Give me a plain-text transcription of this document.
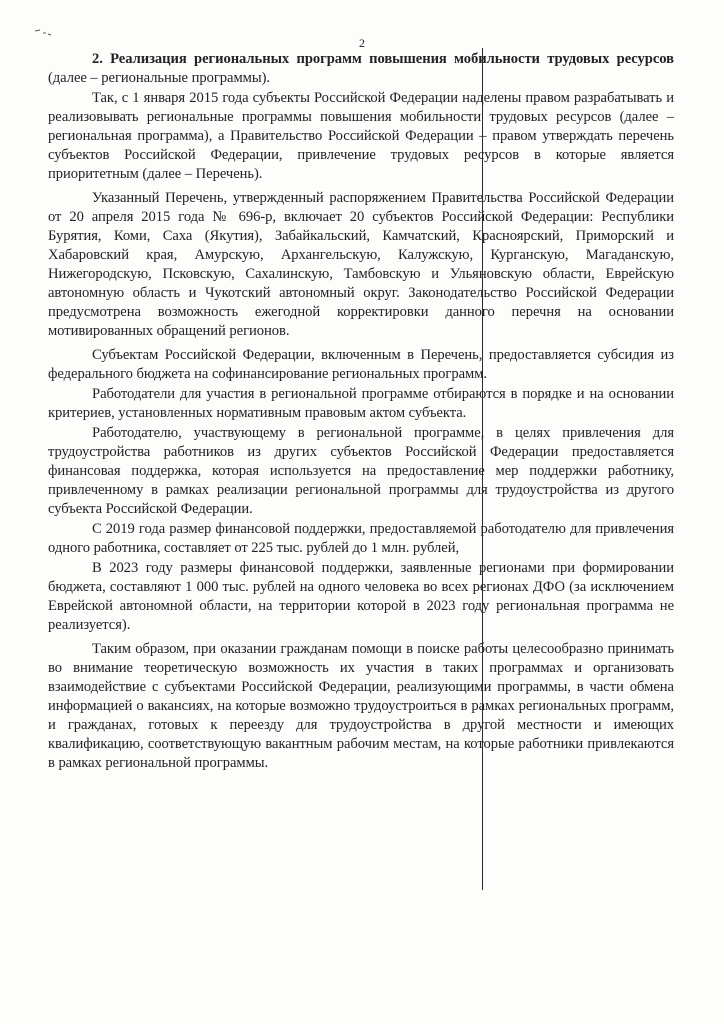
2

2. Реализация региональных программ повышения мобильности трудовых ресурсов (далее – региональные программы).

Так, с 1 января 2015 года субъекты Российской Федерации наделены правом разрабатывать и реализовывать региональные программы повышения мобильности трудовых ресурсов (далее – региональная программа), а Правительство Российской Федерации – правом утверждать перечень субъектов Российской Федерации, привлечение трудовых ресурсов в которые является приоритетным (далее – Перечень).

Указанный Перечень, утвержденный распоряжением Правительства Российской Федерации от 20 апреля 2015 года № 696-р, включает 20 субъектов Российской Федерации: Республики Бурятия, Коми, Саха (Якутия), Забайкальский, Камчатский, Красноярский, Приморский и Хабаровский края, Амурскую, Архангельскую, Калужскую, Курганскую, Магаданскую, Нижегородскую, Псковскую, Сахалинскую, Тамбовскую и Ульяновскую области, Еврейскую автономную область и Чукотский автономный округ. Законодательство Российской Федерации предусмотрена возможность ежегодной корректировки данного перечня на основании мотивированных обращений регионов.

Субъектам Российской Федерации, включенным в Перечень, предоставляется субсидия из федерального бюджета на софинансирование региональных программ.

Работодатели для участия в региональной программе отбираются в порядке и на основании критериев, установленных нормативным правовым актом субъекта.

Работодателю, участвующему в региональной программе, в целях привлечения для трудоустройства работников из других субъектов Российской Федерации предоставляется финансовая поддержка, которая используется на предоставление мер поддержки работнику, привлеченному в рамках реализации региональной программы для трудоустройства из другого субъекта Российской Федерации.

С 2019 года размер финансовой поддержки, предоставляемой работодателю для привлечения одного работника, составляет от 225 тыс. рублей до 1 млн. рублей,

В 2023 году размеры финансовой поддержки, заявленные регионами при формировании бюджета, составляют 1 000 тыс. рублей на одного человека во всех регионах ДФО (за исключением Еврейской автономной области, на территории которой в 2023 году региональная программа не реализуется).

Таким образом, при оказании гражданам помощи в поиске работы целесообразно принимать во внимание теоретическую возможность их участия в таких программах и организовать взаимодействие с субъектами Российской Федерации, реализующими программы, в части обмена информацией о вакансиях, на которые возможно трудоустроиться в рамках региональных программ, и гражданах, готовых к переезду для трудоустройства в другой местности и имеющих квалификацию, соответствующую вакантным рабочим местам, на которые работники привлекаются в рамках региональной программы.
